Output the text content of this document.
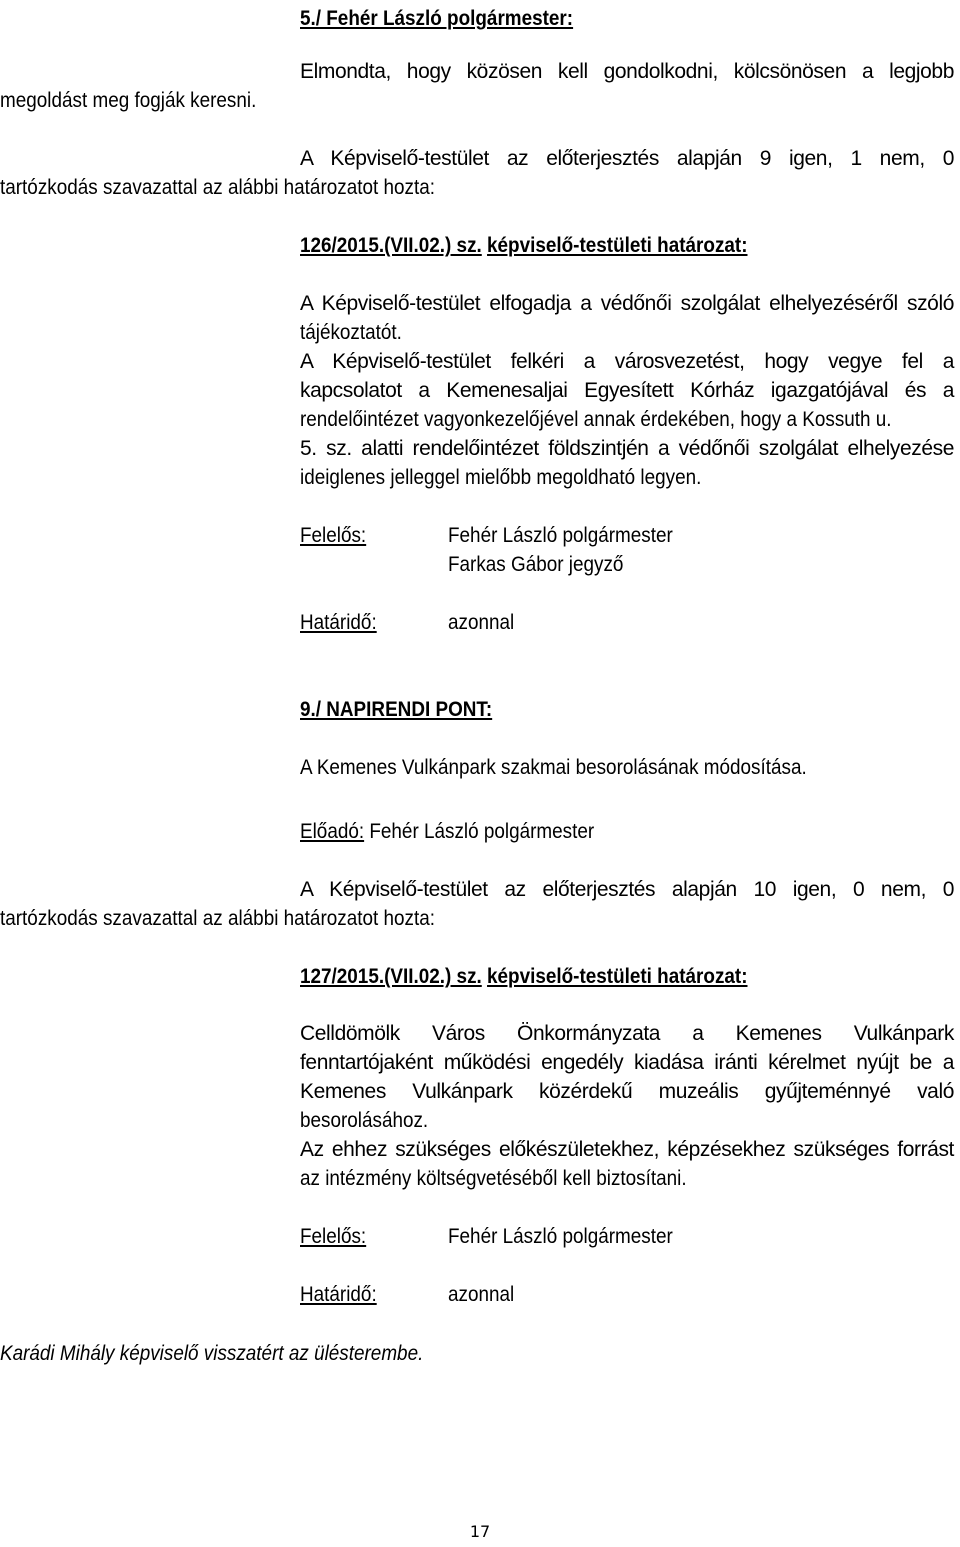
5./ Fehér László polgármester:
Elmondta, hogy közösen kell gondolkodni, kölcsönösen a legjobb
megoldást meg fogják keresni.
A Képviselő-testület az előterjesztés alapján 9 igen, 1 nem, 0
tartózkodás szavazattal az alábbi határozatot hozta:
126/2015.(VII.02.) sz. képviselő-testületi határozat:
A Képviselő-testület elfogadja a védőnői szolgálat elhelyezéséről szóló
tájékoztatót.
A Képviselő-testület felkéri a városvezetést, hogy vegye fel a
kapcsolatot a Kemenesaljai Egyesített Kórház igazgatójával és a
rendelőintézet vagyonkezelőjével annak érdekében, hogy a Kossuth u.
5. sz. alatti rendelőintézet földszintjén a védőnői szolgálat elhelyezése
ideiglenes jelleggel mielőbb megoldható legyen.
Felelős:	Fehér László polgármester
Farkas Gábor jegyző
Határidő:	azonnal
9./ NAPIRENDI PONT:
A Kemenes Vulkánpark szakmai besorolásának módosítása.
Előadó: Fehér László polgármester
A Képviselő-testület az előterjesztés alapján 10 igen, 0 nem, 0
tartózkodás szavazattal az alábbi határozatot hozta:
127/2015.(VII.02.) sz. képviselő-testületi határozat:
Celldömölk Város Önkormányzata a Kemenes Vulkánpark
fenntartójaként működési engedély kiadása iránti kérelmet nyújt be a
Kemenes Vulkánpark közérdekű muzeális gyűjteménnyé való
besorolásához.
Az ehhez szükséges előkészületekhez, képzésekhez szükséges forrást
az intézmény költségvetéséből kell biztosítani.
Felelős:	Fehér László polgármester
Határidő:	azonnal
Karádi Mihály képviselő visszatért az ülésterembe.
17
